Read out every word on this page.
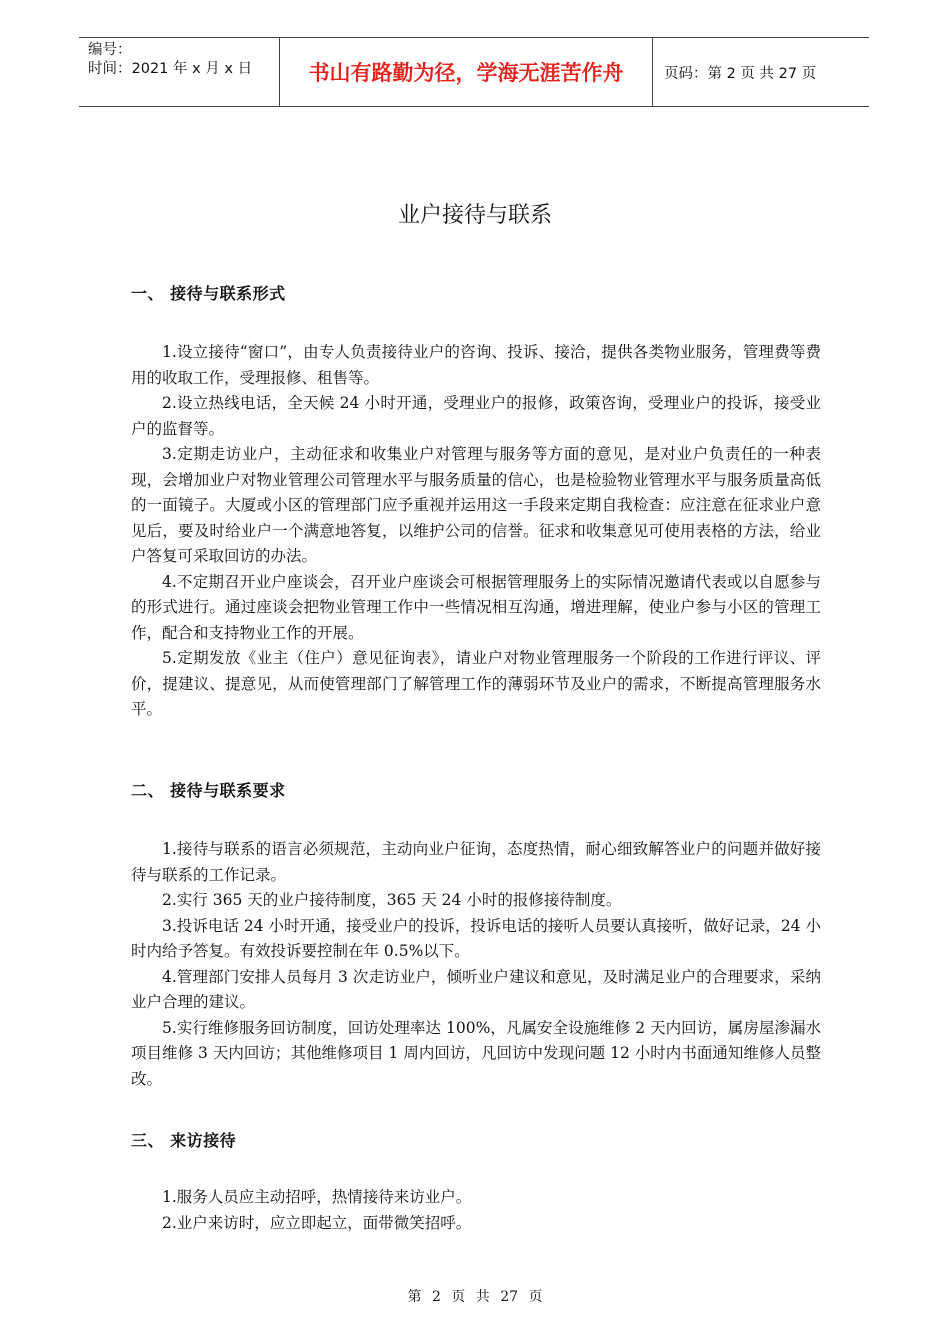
编号：
时间：2021 年 x 月 x 日	书山有路勤为径，学海无涯苦作舟	页码：第 2 页 共 27 页
业户接待与联系
一、 接待与联系形式

1.设立接待“窗口”，由专人负责接待业户的咨询、投诉、接洽，提供各类物业服务，管理费等费用的收取工作，受理报修、租售等。

2.设立热线电话，全天候 24 小时开通，受理业户的报修，政策咨询，受理业户的投诉，接受业户的监督等。

3.定期走访业户，主动征求和收集业户对管理与服务等方面的意见，是对业户负责任的一种表现，会增加业户对物业管理公司管理水平与服务质量的信心，也是检验物业管理水平与服务质量高低的一面镜子。大厦或小区的管理部门应予重视并运用这一手段来定期自我检查：应注意在征求业户意见后，要及时给业户一个满意地答复，以维护公司的信誉。征求和收集意见可使用表格的方法，给业户答复可采取回访的办法。

4.不定期召开业户座谈会，召开业户座谈会可根据管理服务上的实际情况邀请代表或以自愿参与的形式进行。通过座谈会把物业管理工作中一些情况相互沟通，增进理解，使业户参与小区的管理工作，配合和支持物业工作的开展。

5.定期发放《业主（住户）意见征询表》，请业户对物业管理服务一个阶段的工作进行评议、评价，提建议、提意见，从而使管理部门了解管理工作的薄弱环节及业户的需求，不断提高管理服务水平。

二、 接待与联系要求

1.接待与联系的语言必须规范，主动向业户征询，态度热情，耐心细致解答业户的问题并做好接待与联系的工作记录。

2.实行 365 天的业户接待制度，365 天 24 小时的报修接待制度。

3.投诉电话 24 小时开通，接受业户的投诉，投诉电话的接听人员要认真接听，做好记录，24 小时内给予答复。有效投诉要控制在年 0.5%以下。

4.管理部门安排人员每月 3 次走访业户，倾听业户建议和意见，及时满足业户的合理要求，采纳业户合理的建议。

5.实行维修服务回访制度，回访处理率达 100%，凡属安全设施维修 2 天内回访，属房屋渗漏水项目维修 3 天内回访；其他维修项目 1 周内回访，凡回访中发现问题 12 小时内书面通知维修人员整改。

三、 来访接待

1.服务人员应主动招呼，热情接待来访业户。

2.业户来访时，应立即起立，面带微笑招呼。

第 2 页 共 27 页
